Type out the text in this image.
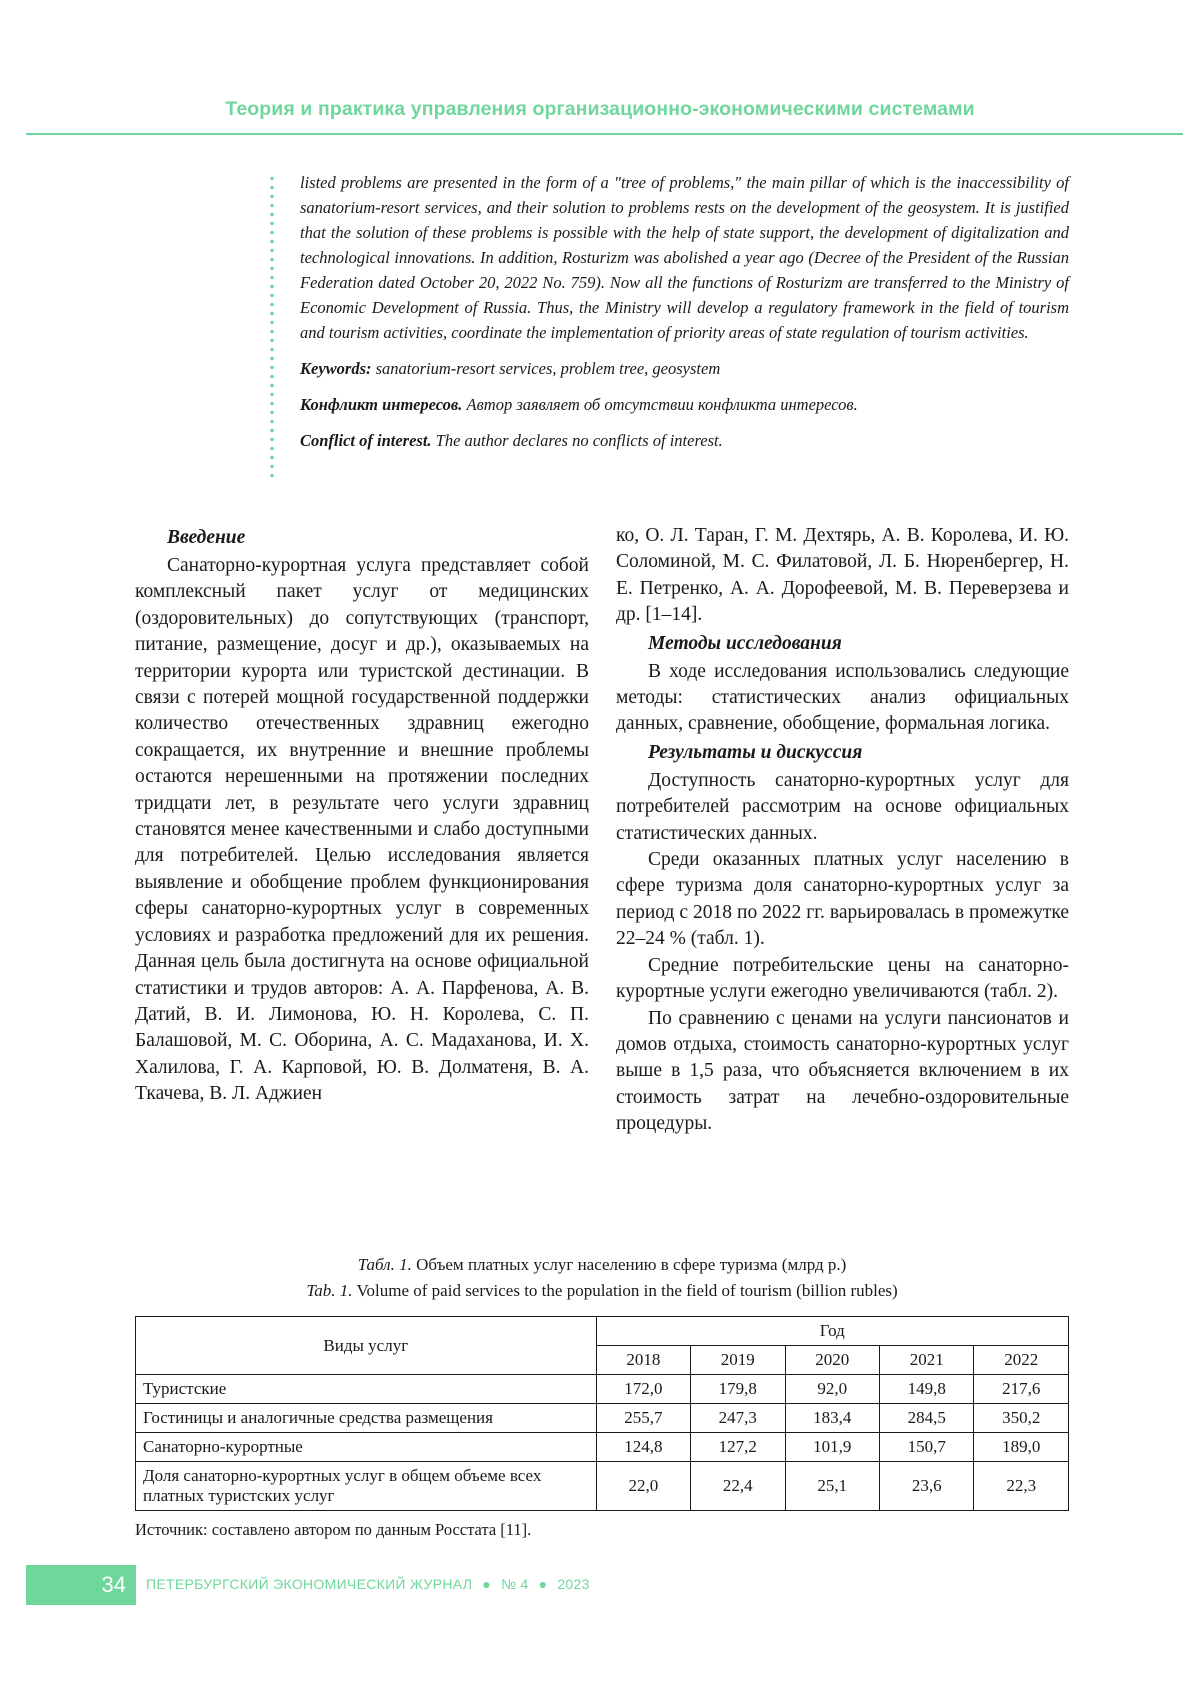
Теория и практика управления организационно-экономическими системами

listed problems are presented in the form of a "tree of problems," the main pillar of which is the inaccessibility of sanatorium-resort services, and their solution to problems rests on the development of the geosystem. It is justified that the solution of these problems is possible with the help of state support, the development of digitalization and technological innovations. In addition, Rosturizm was abolished a year ago (Decree of the President of the Russian Federation dated October 20, 2022 No. 759). Now all the functions of Rosturizm are transferred to the Ministry of Economic Development of Russia. Thus, the Ministry will develop a regulatory framework in the field of tourism and tourism activities, coordinate the implementation of priority areas of state regulation of tourism activities.

Keywords: sanatorium-resort services, problem tree, geosystem

Конфликт интересов. Автор заявляет об отсутствии конфликта интересов.

Conflict of interest. The author declares no conflicts of interest.

Введение

Санаторно-курортная услуга представляет собой комплексный пакет услуг от медицинских (оздоровительных) до сопутствующих (транспорт, питание, размещение, досуг и др.), оказываемых на территории курорта или туристской дестинации. В связи с потерей мощной государственной поддержки количество отечественных здравниц ежегодно сокращается, их внутренние и внешние проблемы остаются нерешенными на протяжении последних тридцати лет, в результате чего услуги здравниц становятся менее качественными и слабо доступными для потребителей. Целью исследования является выявление и обобщение проблем функционирования сферы санаторно-курортных услуг в современных условиях и разработка предложений для их решения. Данная цель была достигнута на основе официальной статистики и трудов авторов: А. А. Парфенова, А. В. Датий, В. И. Лимонова, Ю. Н. Королева, С. П. Балашовой, М. С. Оборина, А. С. Мадаханова, И. Х. Халилова, Г. А. Карповой, Ю. В. Долматеня, В. А. Ткачева, В. Л. Аджиен

ко, О. Л. Таран, Г. М. Дехтярь, А. В. Королева, И. Ю. Соломиной, М. С. Филатовой, Л. Б. Нюренбергер, Н. Е. Петренко, А. А. Дорофеевой, М. В. Переверзева и др. [1–14].

Методы исследования

В ходе исследования использовались следующие методы: статистических анализ официальных данных, сравнение, обобщение, формальная логика.

Результаты и дискуссия

Доступность санаторно-курортных услуг для потребителей рассмотрим на основе официальных статистических данных.

Среди оказанных платных услуг населению в сфере туризма доля санаторно-курортных услуг за период с 2018 по 2022 гг. варьировалась в промежутке 22–24 % (табл. 1).

Средние потребительские цены на санаторно-курортные услуги ежегодно увеличиваются (табл. 2).

По сравнению с ценами на услуги пансионатов и домов отдыха, стоимость санаторно-курортных услуг выше в 1,5 раза, что объясняется включением в их стоимость затрат на лечебно-оздоровительные процедуры.

Табл. 1. Объем платных услуг населению в сфере туризма (млрд р.)
Tab. 1. Volume of paid services to the population in the field of tourism (billion rubles)
Виды услуг	Год				
	2018	2019	2020	2021	2022
Туристские	172,0	179,8	92,0	149,8	217,6
Гостиницы и аналогичные средства размещения	255,7	247,3	183,4	284,5	350,2
Санаторно-курортные	124,8	127,2	101,9	150,7	189,0
Доля санаторно-курортных услуг в общем объеме всех платных туристских услуг	22,0	22,4	25,1	23,6	22,3
Источник: составлено автором по данным Росстата [11].
34	ПЕТЕРБУРГСКИЙ ЭКОНОМИЧЕСКИЙ ЖУРНАЛ ● № 4 ● 2023
